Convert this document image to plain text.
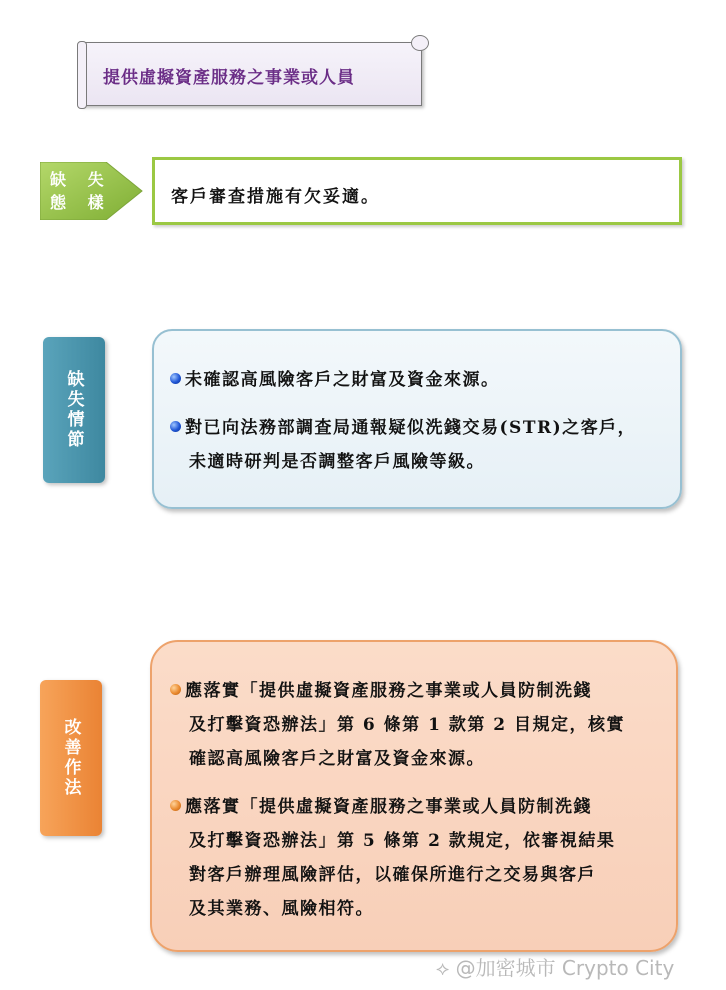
提供虛擬資產服務之事業或人員
缺 失
態 樣	客戶審查措施有欠妥適。
缺失情節	未確認高風險客戶之財富及資金來源。
對已向法務部調查局通報疑似洗錢交易(STR)之客戶，
未適時研判是否調整客戶風險等級。
改善作法
應落實「提供虛擬資產服務之事業或人員防制洗錢
及打擊資恐辦法」第 6 條第 1 款第 2 目規定，核實
確認高風險客戶之財富及資金來源。
應落實「提供虛擬資產服務之事業或人員防制洗錢
及打擊資恐辦法」第 5 條第 2 款規定，依審視結果
對客戶辦理風險評估，以確保所進行之交易與客戶
及其業務、風險相符。
⟡ @加密城市 Crypto City
